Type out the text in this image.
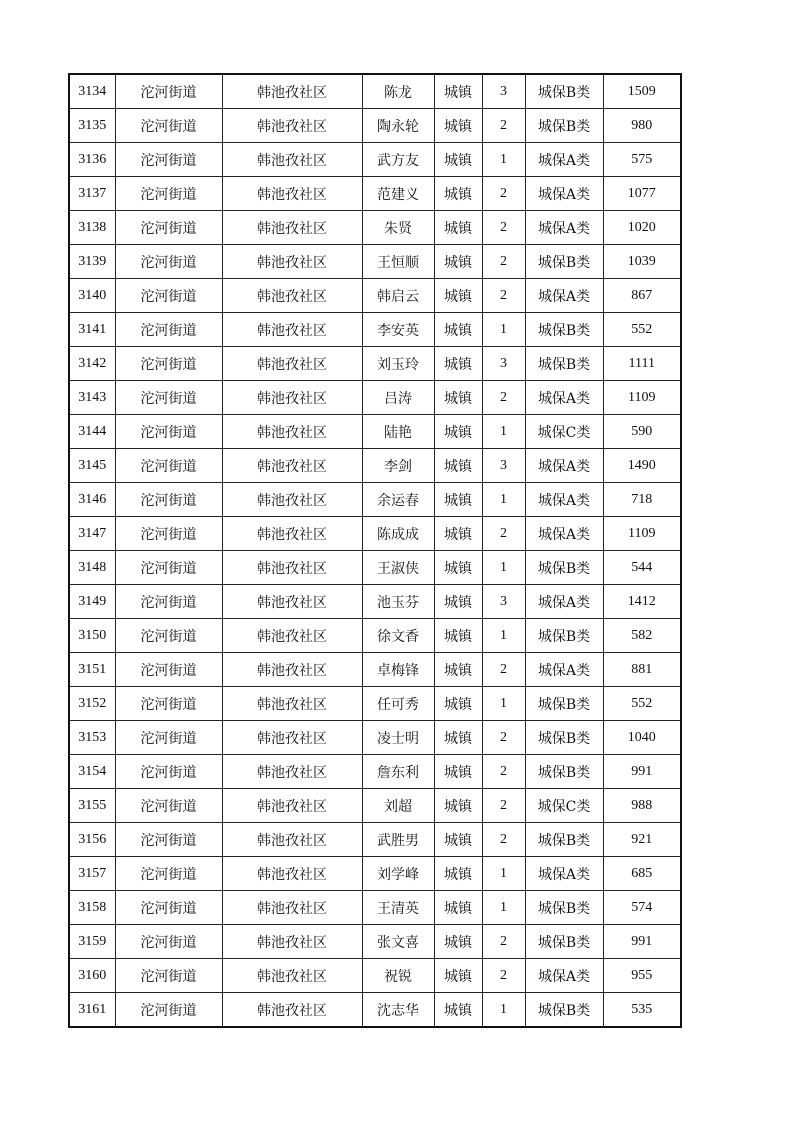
3134	沱河街道	韩池孜社区	陈龙	城镇	3	城保B类	1509
3135	沱河街道	韩池孜社区	陶永轮	城镇	2	城保B类	980
3136	沱河街道	韩池孜社区	武方友	城镇	1	城保A类	575
3137	沱河街道	韩池孜社区	范建义	城镇	2	城保A类	1077
3138	沱河街道	韩池孜社区	朱贤	城镇	2	城保A类	1020
3139	沱河街道	韩池孜社区	王恒顺	城镇	2	城保B类	1039
3140	沱河街道	韩池孜社区	韩启云	城镇	2	城保A类	867
3141	沱河街道	韩池孜社区	李安英	城镇	1	城保B类	552
3142	沱河街道	韩池孜社区	刘玉玲	城镇	3	城保B类	1111
3143	沱河街道	韩池孜社区	吕涛	城镇	2	城保A类	1109
3144	沱河街道	韩池孜社区	陆艳	城镇	1	城保C类	590
3145	沱河街道	韩池孜社区	李剑	城镇	3	城保A类	1490
3146	沱河街道	韩池孜社区	余运春	城镇	1	城保A类	718
3147	沱河街道	韩池孜社区	陈成成	城镇	2	城保A类	1109
3148	沱河街道	韩池孜社区	王淑侠	城镇	1	城保B类	544
3149	沱河街道	韩池孜社区	池玉芬	城镇	3	城保A类	1412
3150	沱河街道	韩池孜社区	徐文香	城镇	1	城保B类	582
3151	沱河街道	韩池孜社区	卓梅锋	城镇	2	城保A类	881
3152	沱河街道	韩池孜社区	任可秀	城镇	1	城保B类	552
3153	沱河街道	韩池孜社区	凌士明	城镇	2	城保B类	1040
3154	沱河街道	韩池孜社区	詹东利	城镇	2	城保B类	991
3155	沱河街道	韩池孜社区	刘超	城镇	2	城保C类	988
3156	沱河街道	韩池孜社区	武胜男	城镇	2	城保B类	921
3157	沱河街道	韩池孜社区	刘学峰	城镇	1	城保A类	685
3158	沱河街道	韩池孜社区	王清英	城镇	1	城保B类	574
3159	沱河街道	韩池孜社区	张文喜	城镇	2	城保B类	991
3160	沱河街道	韩池孜社区	祝锐	城镇	2	城保A类	955
3161	沱河街道	韩池孜社区	沈志华	城镇	1	城保B类	535
